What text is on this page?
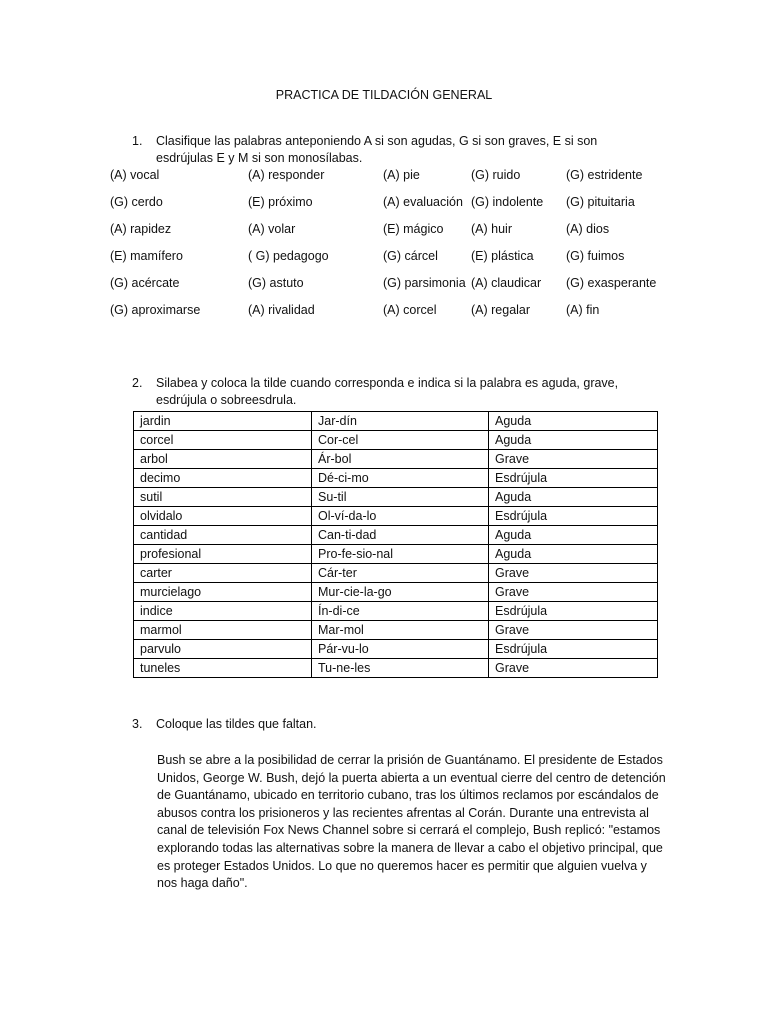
PRACTICA DE TILDACIÓN GENERAL
1.	Clasifique las palabras anteponiendo A si son agudas, G si son graves, E si son esdrújulas E y M si son monosílabas.
(A) vocal	(A) responder	(A) pie	(G) ruido	(G) estridente
(G) cerdo	(E) próximo	(A) evaluación (G) indolente (G) pituitaria
(A) rapidez	(A) volar	(E) mágico (A) huir	(A) dios
(E) mamífero	( G) pedagogo	(G) cárcel	(E) plástica	(G) fuimos
(G) acércate	(G) astuto	(G) parsimonia (A) claudicar (G) exasperante
(G) aproximarse	(A) rivalidad	(A) corcel	(A) regalar	(A) fin
2.	Silabea y coloca la tilde cuando corresponda e indica si la palabra es aguda, grave, esdrújula o sobreesdrula.
jardin	Jar-dín	Aguda
corcel	Cor-cel	Aguda
arbol	Ár-bol	Grave
decimo	Dé-ci-mo	Esdrújula
sutil	Su-til	Aguda
olvidalo	Ol-ví-da-lo	Esdrújula
cantidad	Can-ti-dad	Aguda
profesional	Pro-fe-sio-nal	Aguda
carter	Cár-ter	Grave
murcielago	Mur-cie-la-go	Grave
indice	Ín-di-ce	Esdrújula
marmol	Mar-mol	Grave
parvulo	Pár-vu-lo	Esdrújula
tuneles	Tu-ne-les	Grave
3.	Coloque las tildes que faltan.
Bush se abre a la posibilidad de cerrar la prisión de Guantánamo. El presidente de Estados Unidos, George W. Bush, dejó la puerta abierta a un eventual cierre del centro de detención de Guantánamo, ubicado en territorio cubano, tras los últimos reclamos por escándalos de abusos contra los prisioneros y las recientes afrentas al Corán. Durante una entrevista al canal de televisión Fox News Channel sobre si cerrará el complejo, Bush replicó: "estamos explorando todas las alternativas sobre la manera de llevar a cabo el objetivo principal, que es proteger Estados Unidos. Lo que no queremos hacer es permitir que alguien vuelva y nos haga daño".
